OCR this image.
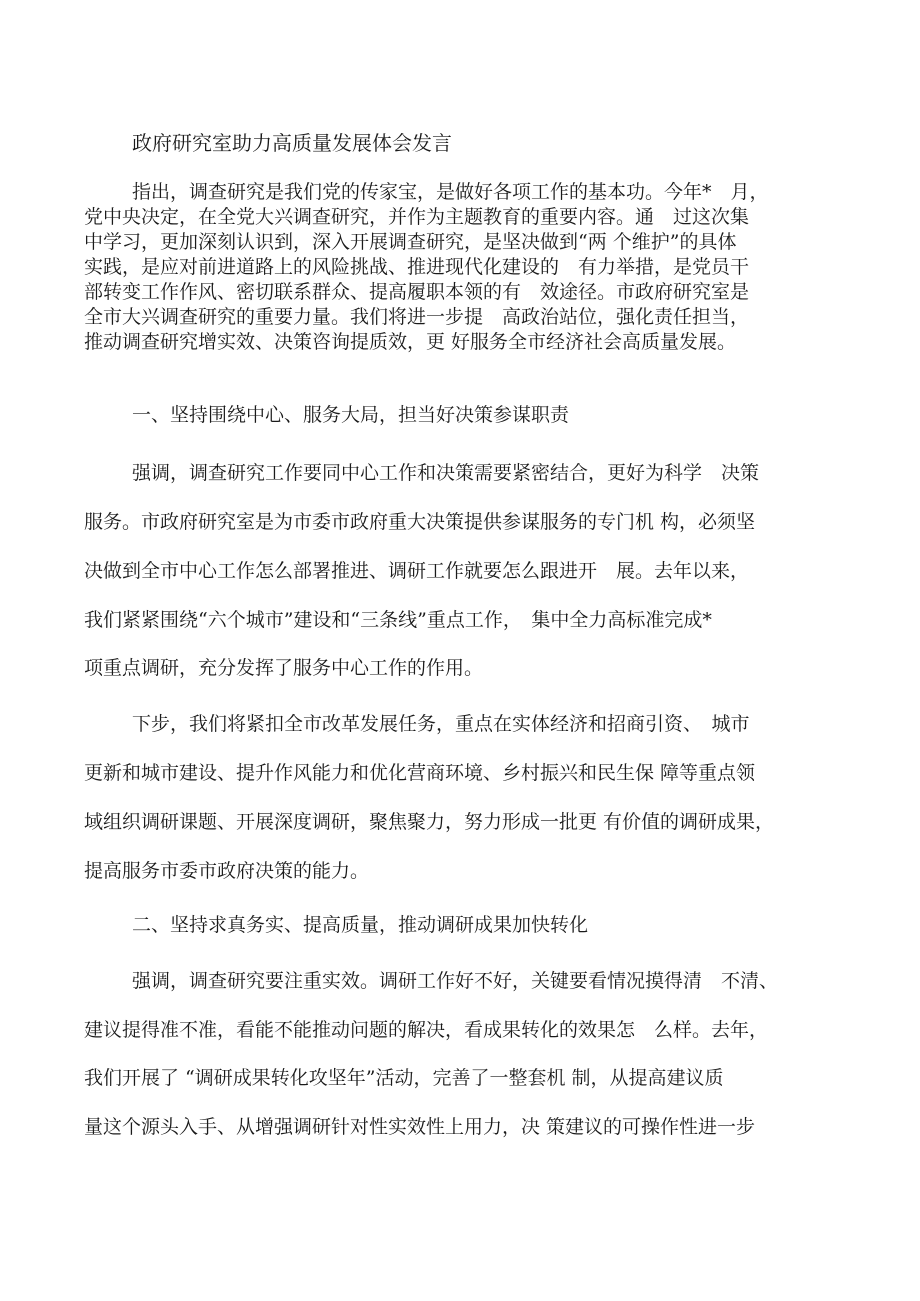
政府研究室助力高质量发展体会发言
指出，调查研究是我们党的传家宝，是做好各项工作的基本功。今年*　月，
党中央决定，在全党大兴调查研究，并作为主题教育的重要内容。通　过这次集
中学习，更加深刻认识到，深入开展调查研究，是坚决做到“两 个维护”的具体
实践，是应对前进道路上的风险挑战、推进现代化建设的　有力举措，是党员干
部转变工作作风、密切联系群众、提高履职本领的有　效途径。市政府研究室是
全市大兴调查研究的重要力量。我们将进一步提　高政治站位，强化责任担当，
推动调查研究增实效、决策咨询提质效，更 好服务全市经济社会高质量发展。
一、坚持围绕中心、服务大局，担当好决策参谋职责
强调，调查研究工作要同中心工作和决策需要紧密结合，更好为科学　决策
服务。市政府研究室是为市委市政府重大决策提供参谋服务的专门机 构，必须坚
决做到全市中心工作怎么部署推进、调研工作就要怎么跟进开　展。去年以来，
我们紧紧围绕“六个城市”建设和“三条线”重点工作，　集中全力高标准完成*
项重点调研，充分发挥了服务中心工作的作用。
下步，我们将紧扣全市改革发展任务，重点在实体经济和招商引资、　城市
更新和城市建设、提升作风能力和优化营商环境、乡村振兴和民生保 障等重点领
域组织调研课题、开展深度调研，聚焦聚力，努力形成一批更 有价值的调研成果，
提高服务市委市政府决策的能力。
二、坚持求真务实、提高质量，推动调研成果加快转化
强调，调查研究要注重实效。调研工作好不好，关键要看情况摸得清　不清、
建议提得准不准，看能不能推动问题的解决，看成果转化的效果怎　么样。去年，
我们开展了 “调研成果转化攻坚年”活动，完善了一整套机 制，从提高建议质
量这个源头入手、从增强调研针对性实效性上用力，决 策建议的可操作性进一步
